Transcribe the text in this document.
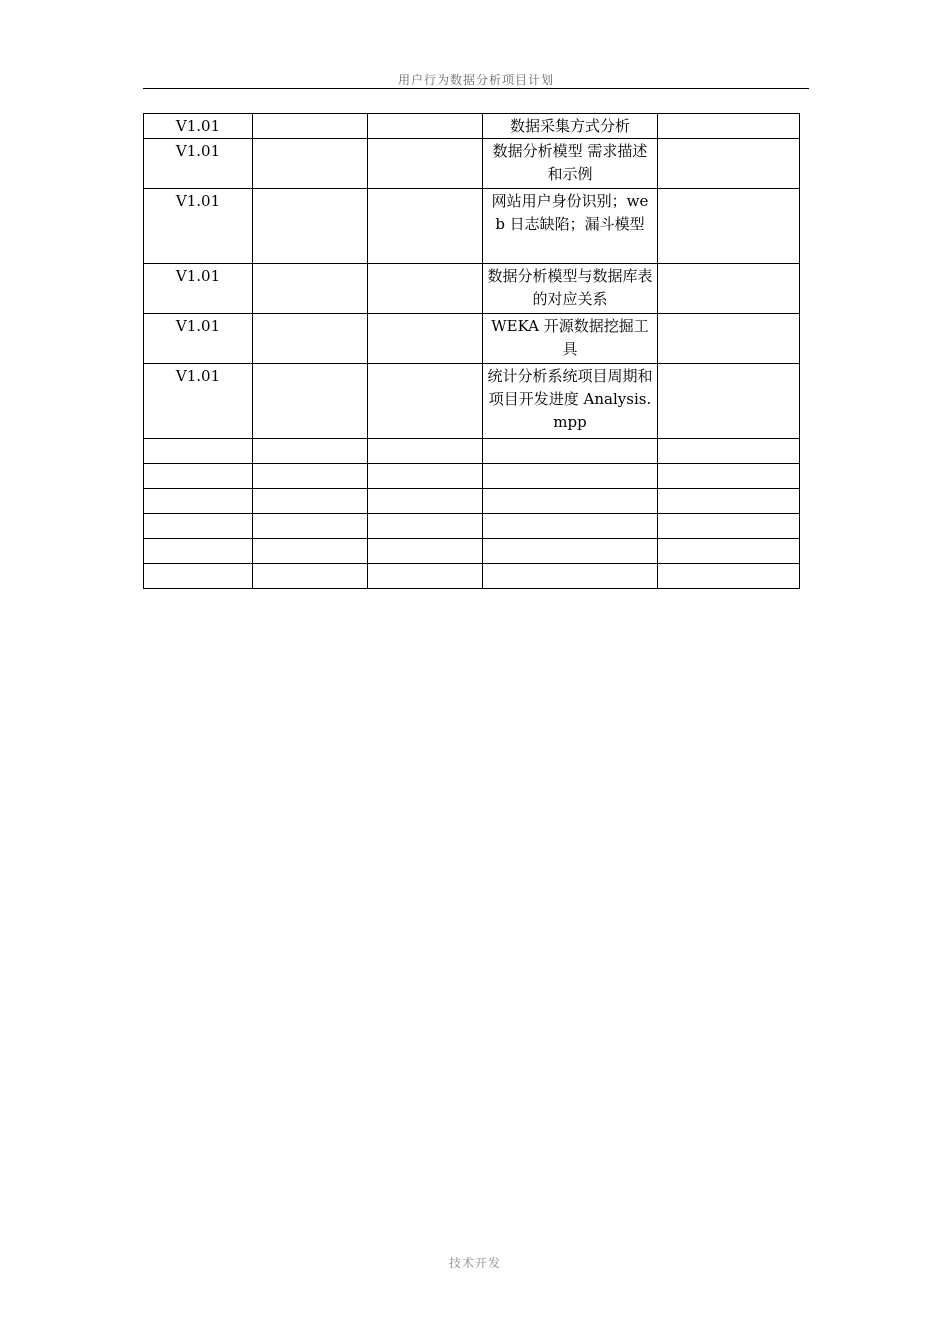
用户行为数据分析项目计划
V1.01			数据采集方式分析	
V1.01			数据分析模型 需求描述和示例	
V1.01			网站用户身份识别；web 日志缺陷；漏斗模型	
V1.01			数据分析模型与数据库表的对应关系	
V1.01			WEKA 开源数据挖掘工具	
V1.01			统计分析系统项目周期和项目开发进度 Analysis.mpp	

技术开发
